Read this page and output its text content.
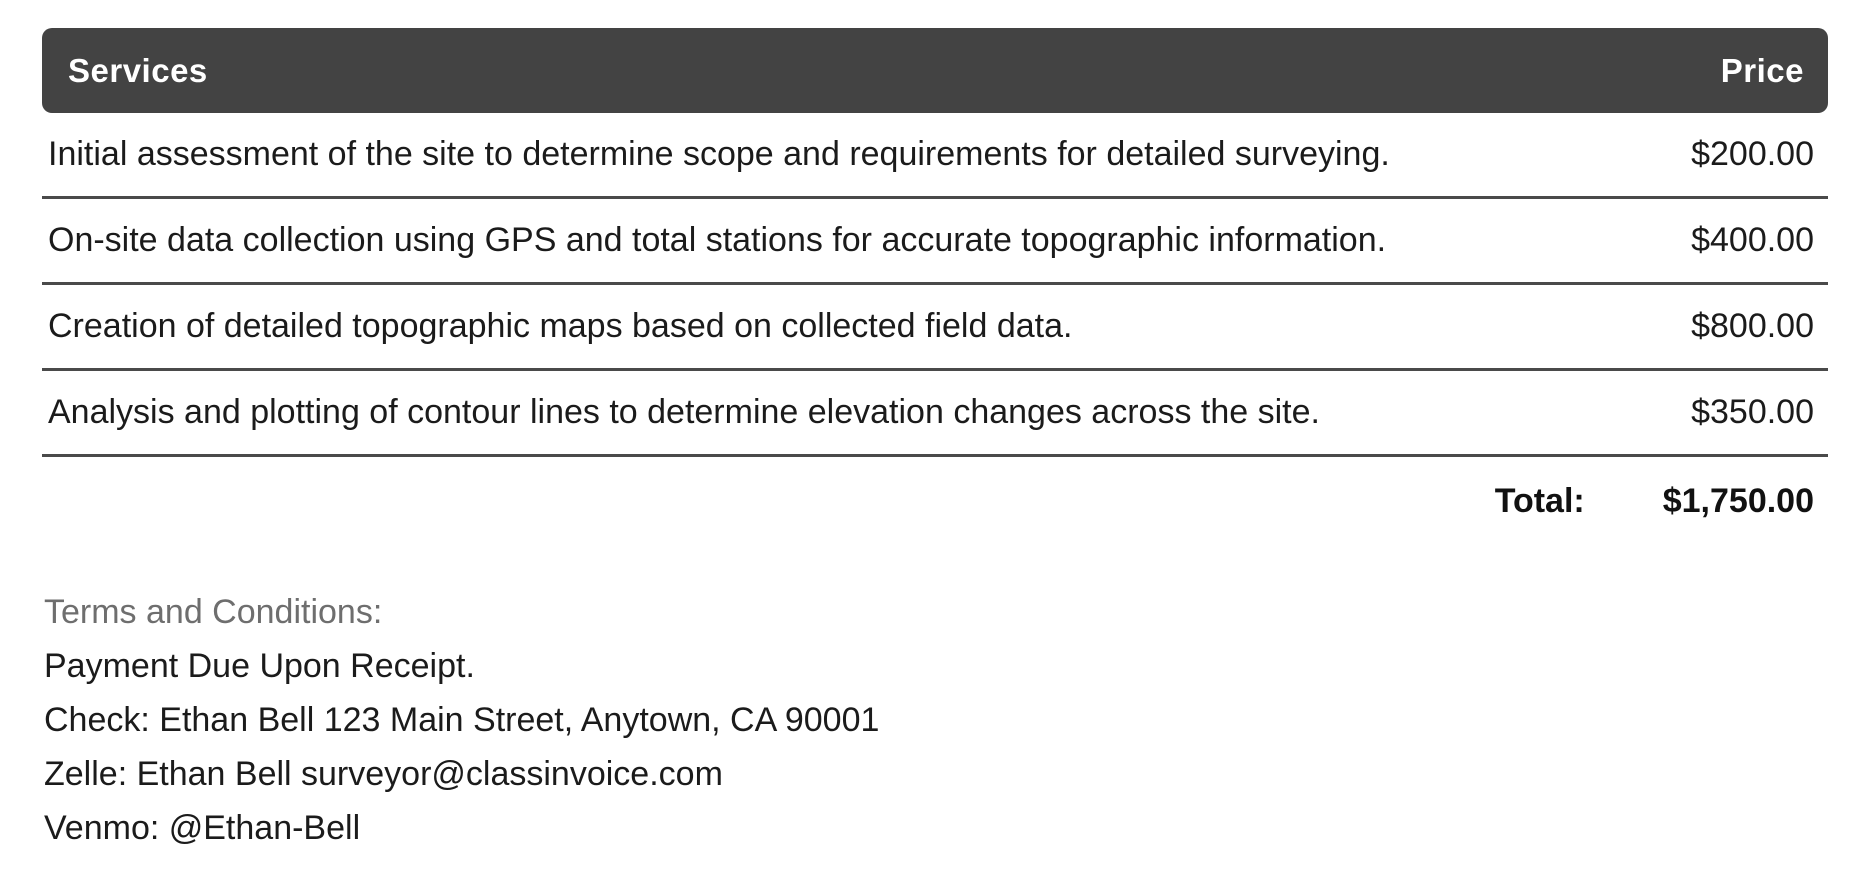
Services	Price
Initial assessment of the site to determine scope and requirements for detailed surveying.	$200.00
On-site data collection using GPS and total stations for accurate topographic information.	$400.00
Creation of detailed topographic maps based on collected field data.	$800.00
Analysis and plotting of contour lines to determine elevation changes across the site.	$350.00
Total: $1,750.00
Terms and Conditions:
Payment Due Upon Receipt.
Check: Ethan Bell 123 Main Street, Anytown, CA 90001
Zelle: Ethan Bell surveyor@classinvoice.com
Venmo: @Ethan-Bell
